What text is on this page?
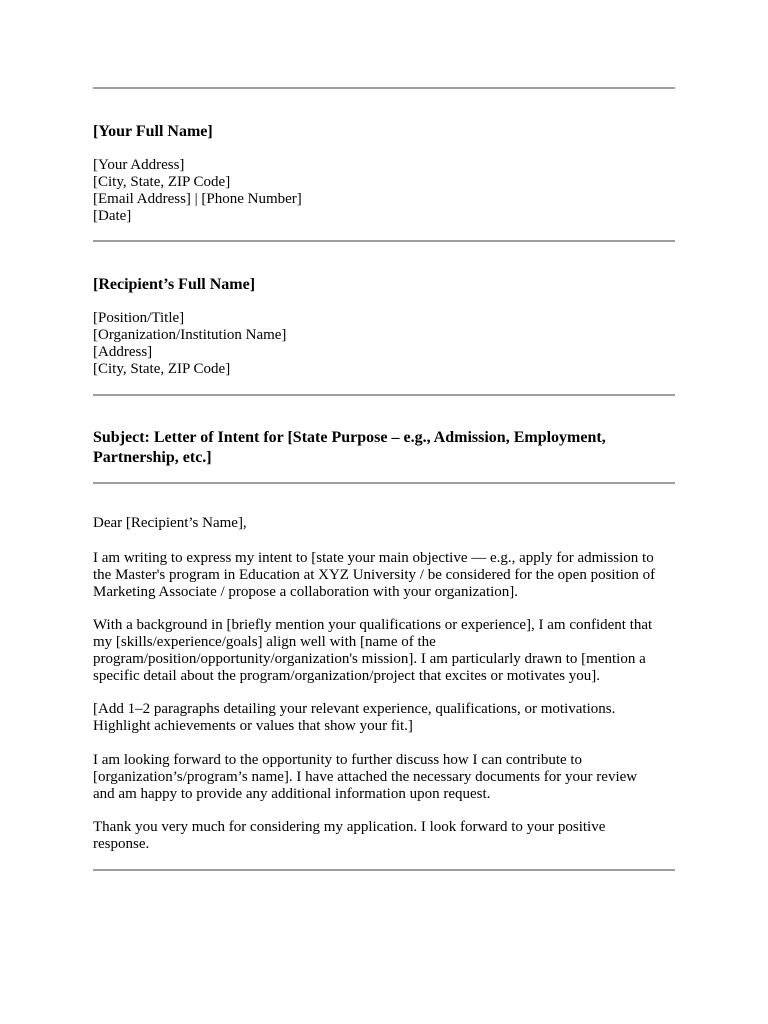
[Your Full Name]
[Your Address]
[City, State, ZIP Code]
[Email Address] | [Phone Number]
[Date]
[Recipient’s Full Name]
[Position/Title]
[Organization/Institution Name]
[Address]
[City, State, ZIP Code]
Subject: Letter of Intent for [State Purpose – e.g., Admission, Employment,
Partnership, etc.]
Dear [Recipient’s Name],
I am writing to express my intent to [state your main objective — e.g., apply for admission to
the Master's program in Education at XYZ University / be considered for the open position of
Marketing Associate / propose a collaboration with your organization].
With a background in [briefly mention your qualifications or experience], I am confident that
my [skills/experience/goals] align well with [name of the
program/position/opportunity/organization's mission]. I am particularly drawn to [mention a
specific detail about the program/organization/project that excites or motivates you].
[Add 1–2 paragraphs detailing your relevant experience, qualifications, or motivations.
Highlight achievements or values that show your fit.]
I am looking forward to the opportunity to further discuss how I can contribute to
[organization’s/program’s name]. I have attached the necessary documents for your review
and am happy to provide any additional information upon request.
Thank you very much for considering my application. I look forward to your positive
response.
